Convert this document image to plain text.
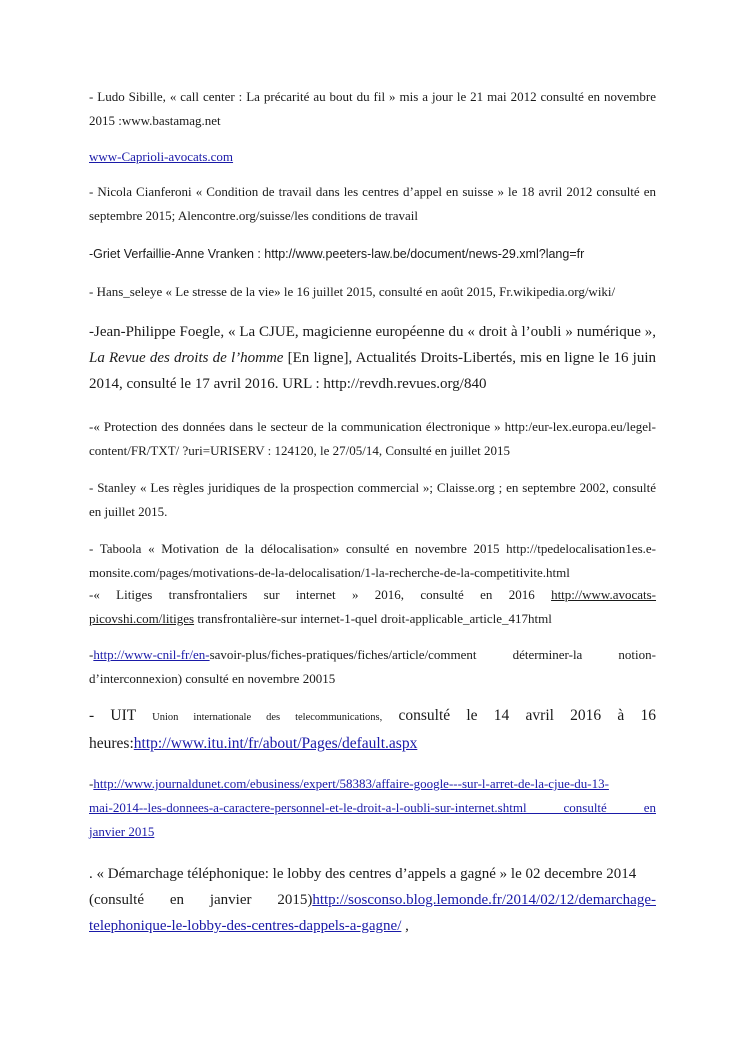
- Ludo Sibille, « call center : La précarité au bout du fil » mis a jour le 21 mai 2012 consulté en novembre 2015 :www.bastamag.net

www-Caprioli-avocats.com

- Nicola Cianferoni « Condition de travail dans les centres d’appel en suisse » le 18 avril 2012 consulté en septembre 2015; Alencontre.org/suisse/les conditions de travail

-Griet Verfaillie-Anne Vranken : http://www.peeters-law.be/document/news-29.xml?lang=fr

- Hans_seleye « Le stresse de la vie» le 16 juillet 2015, consulté en août 2015, Fr.wikipedia.org/wiki/

-Jean-Philippe Foegle, « La CJUE, magicienne européenne du « droit à l’oubli » numérique », La Revue des droits de l’homme [En ligne], Actualités Droits-Libertés, mis en ligne le 16 juin 2014, consulté le 17 avril 2016. URL : http://revdh.revues.org/840

-« Protection des données dans le secteur de la communication électronique » http:/eur-lex.europa.eu/legel-content/FR/TXT/ ?uri=URISERV : 124120, le 27/05/14, Consulté en juillet 2015

- Stanley « Les règles juridiques de la prospection commercial »; Claisse.org ; en septembre 2002, consulté en juillet 2015.

- Taboola « Motivation de la délocalisation» consulté en novembre 2015 http://tpedelocalisation1es.e-monsite.com/pages/motivations-de-la-delocalisation/1-la-recherche-de-la-competitivite.html

-« Litiges transfrontaliers sur internet » 2016, consulté en 2016 http://www.avocats-
picovshi.com/litiges transfrontalière-sur internet-1-quel droit-applicable_article_417html

-http://www-cnil-fr/en-savoir-plus/fiches-pratiques/fiches/article/comment déterminer-la notion-
d’interconnexion) consulté en novembre 20015

- UIT Union internationale des telecommunications, consulté le 14 avril 2016 à 16
heures:http://www.itu.int/fr/about/Pages/default.aspx

-http://www.journaldunet.com/ebusiness/expert/58383/affaire-google---sur-l-arret-de-la-cjue-du-13-
mai-2014--les-donnees-a-caractere-personnel-et-le-droit-a-l-oubli-sur-internet.shtml consulté en
janvier 2015

. « Démarchage téléphonique: le lobby des centres d’appels a gagné » le 02 decembre 2014
(consulté en janvier 2015)http://sosconso.blog.lemonde.fr/2014/02/12/demarchage-
telephonique-le-lobby-des-centres-dappels-a-gagne/ ,
